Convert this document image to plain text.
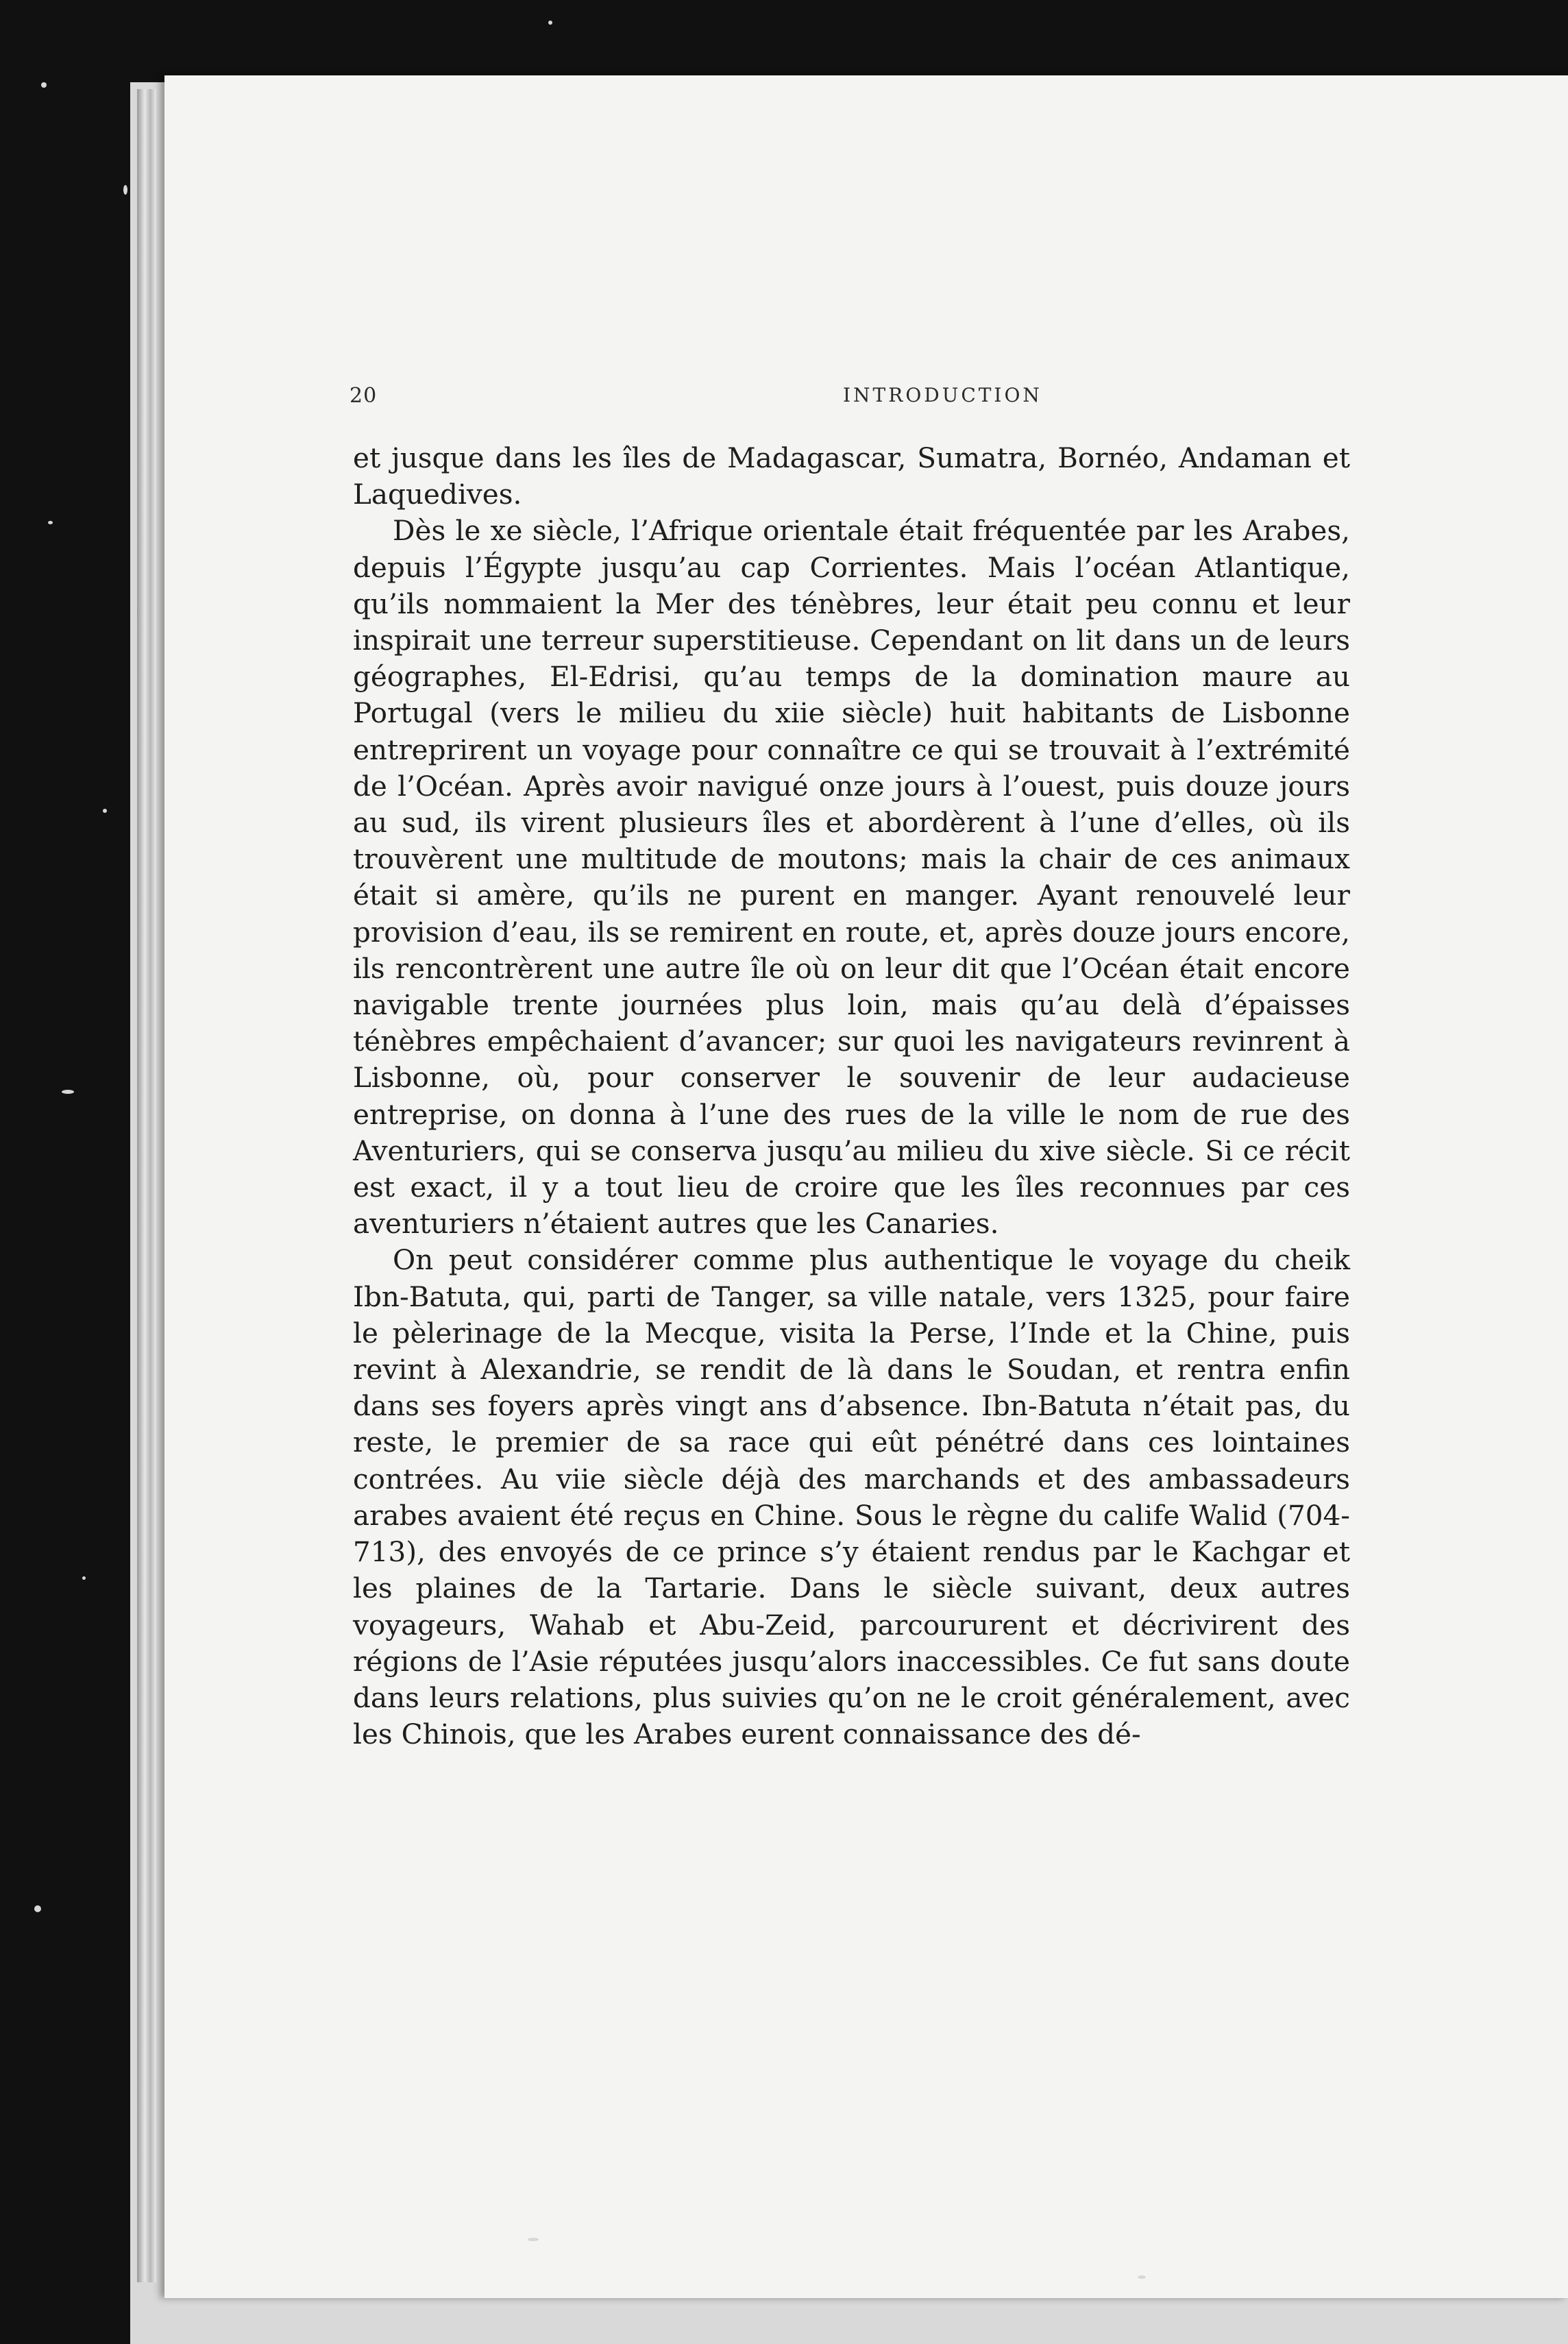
20	INTRODUCTION

et jusque dans les îles de Madagascar, Sumatra, Bornéo, Andaman et Laquedives.

Dès le xe siècle, l’Afrique orientale était fréquentée par les Arabes, depuis l’Égypte jusqu’au cap Corrientes. Mais l’océan Atlantique, qu’ils nommaient la Mer des ténèbres, leur était peu connu et leur inspirait une terreur superstitieuse. Cependant on lit dans un de leurs géographes, El-Edrisi, qu’au temps de la domination maure au Portugal (vers le milieu du xiie siècle) huit habitants de Lisbonne entreprirent un voyage pour connaître ce qui se trouvait à l’extrémité de l’Océan. Après avoir navigué onze jours à l’ouest, puis douze jours au sud, ils virent plusieurs îles et abordèrent à l’une d’elles, où ils trouvèrent une multitude de moutons; mais la chair de ces animaux était si amère, qu’ils ne purent en manger. Ayant renouvelé leur provision d’eau, ils se remirent en route, et, après douze jours encore, ils rencontrèrent une autre île où on leur dit que l’Océan était encore navigable trente journées plus loin, mais qu’au delà d’épaisses ténèbres empêchaient d’avancer; sur quoi les navigateurs revinrent à Lisbonne, où, pour conserver le souvenir de leur audacieuse entreprise, on donna à l’une des rues de la ville le nom de rue des Aventuriers, qui se conserva jusqu’au milieu du xive siècle. Si ce récit est exact, il y a tout lieu de croire que les îles reconnues par ces aventuriers n’étaient autres que les Canaries.

On peut considérer comme plus authentique le voyage du cheik Ibn-Batuta, qui, parti de Tanger, sa ville natale, vers 1325, pour faire le pèlerinage de la Mecque, visita la Perse, l’Inde et la Chine, puis revint à Alexandrie, se rendit de là dans le Soudan, et rentra enfin dans ses foyers après vingt ans d’absence. Ibn-Batuta n’était pas, du reste, le premier de sa race qui eût pénétré dans ces lointaines contrées. Au viie siècle déjà des marchands et des ambassadeurs arabes avaient été reçus en Chine. Sous le règne du calife Walid (704-713), des envoyés de ce prince s’y étaient rendus par le Kachgar et les plaines de la Tartarie. Dans le siècle suivant, deux autres voyageurs, Wahab et Abu-Zeid, parcoururent et décrivirent des régions de l’Asie réputées jusqu’alors inaccessibles. Ce fut sans doute dans leurs relations, plus suivies qu’on ne le croit généralement, avec les Chinois, que les Arabes eurent connaissance des dé-
